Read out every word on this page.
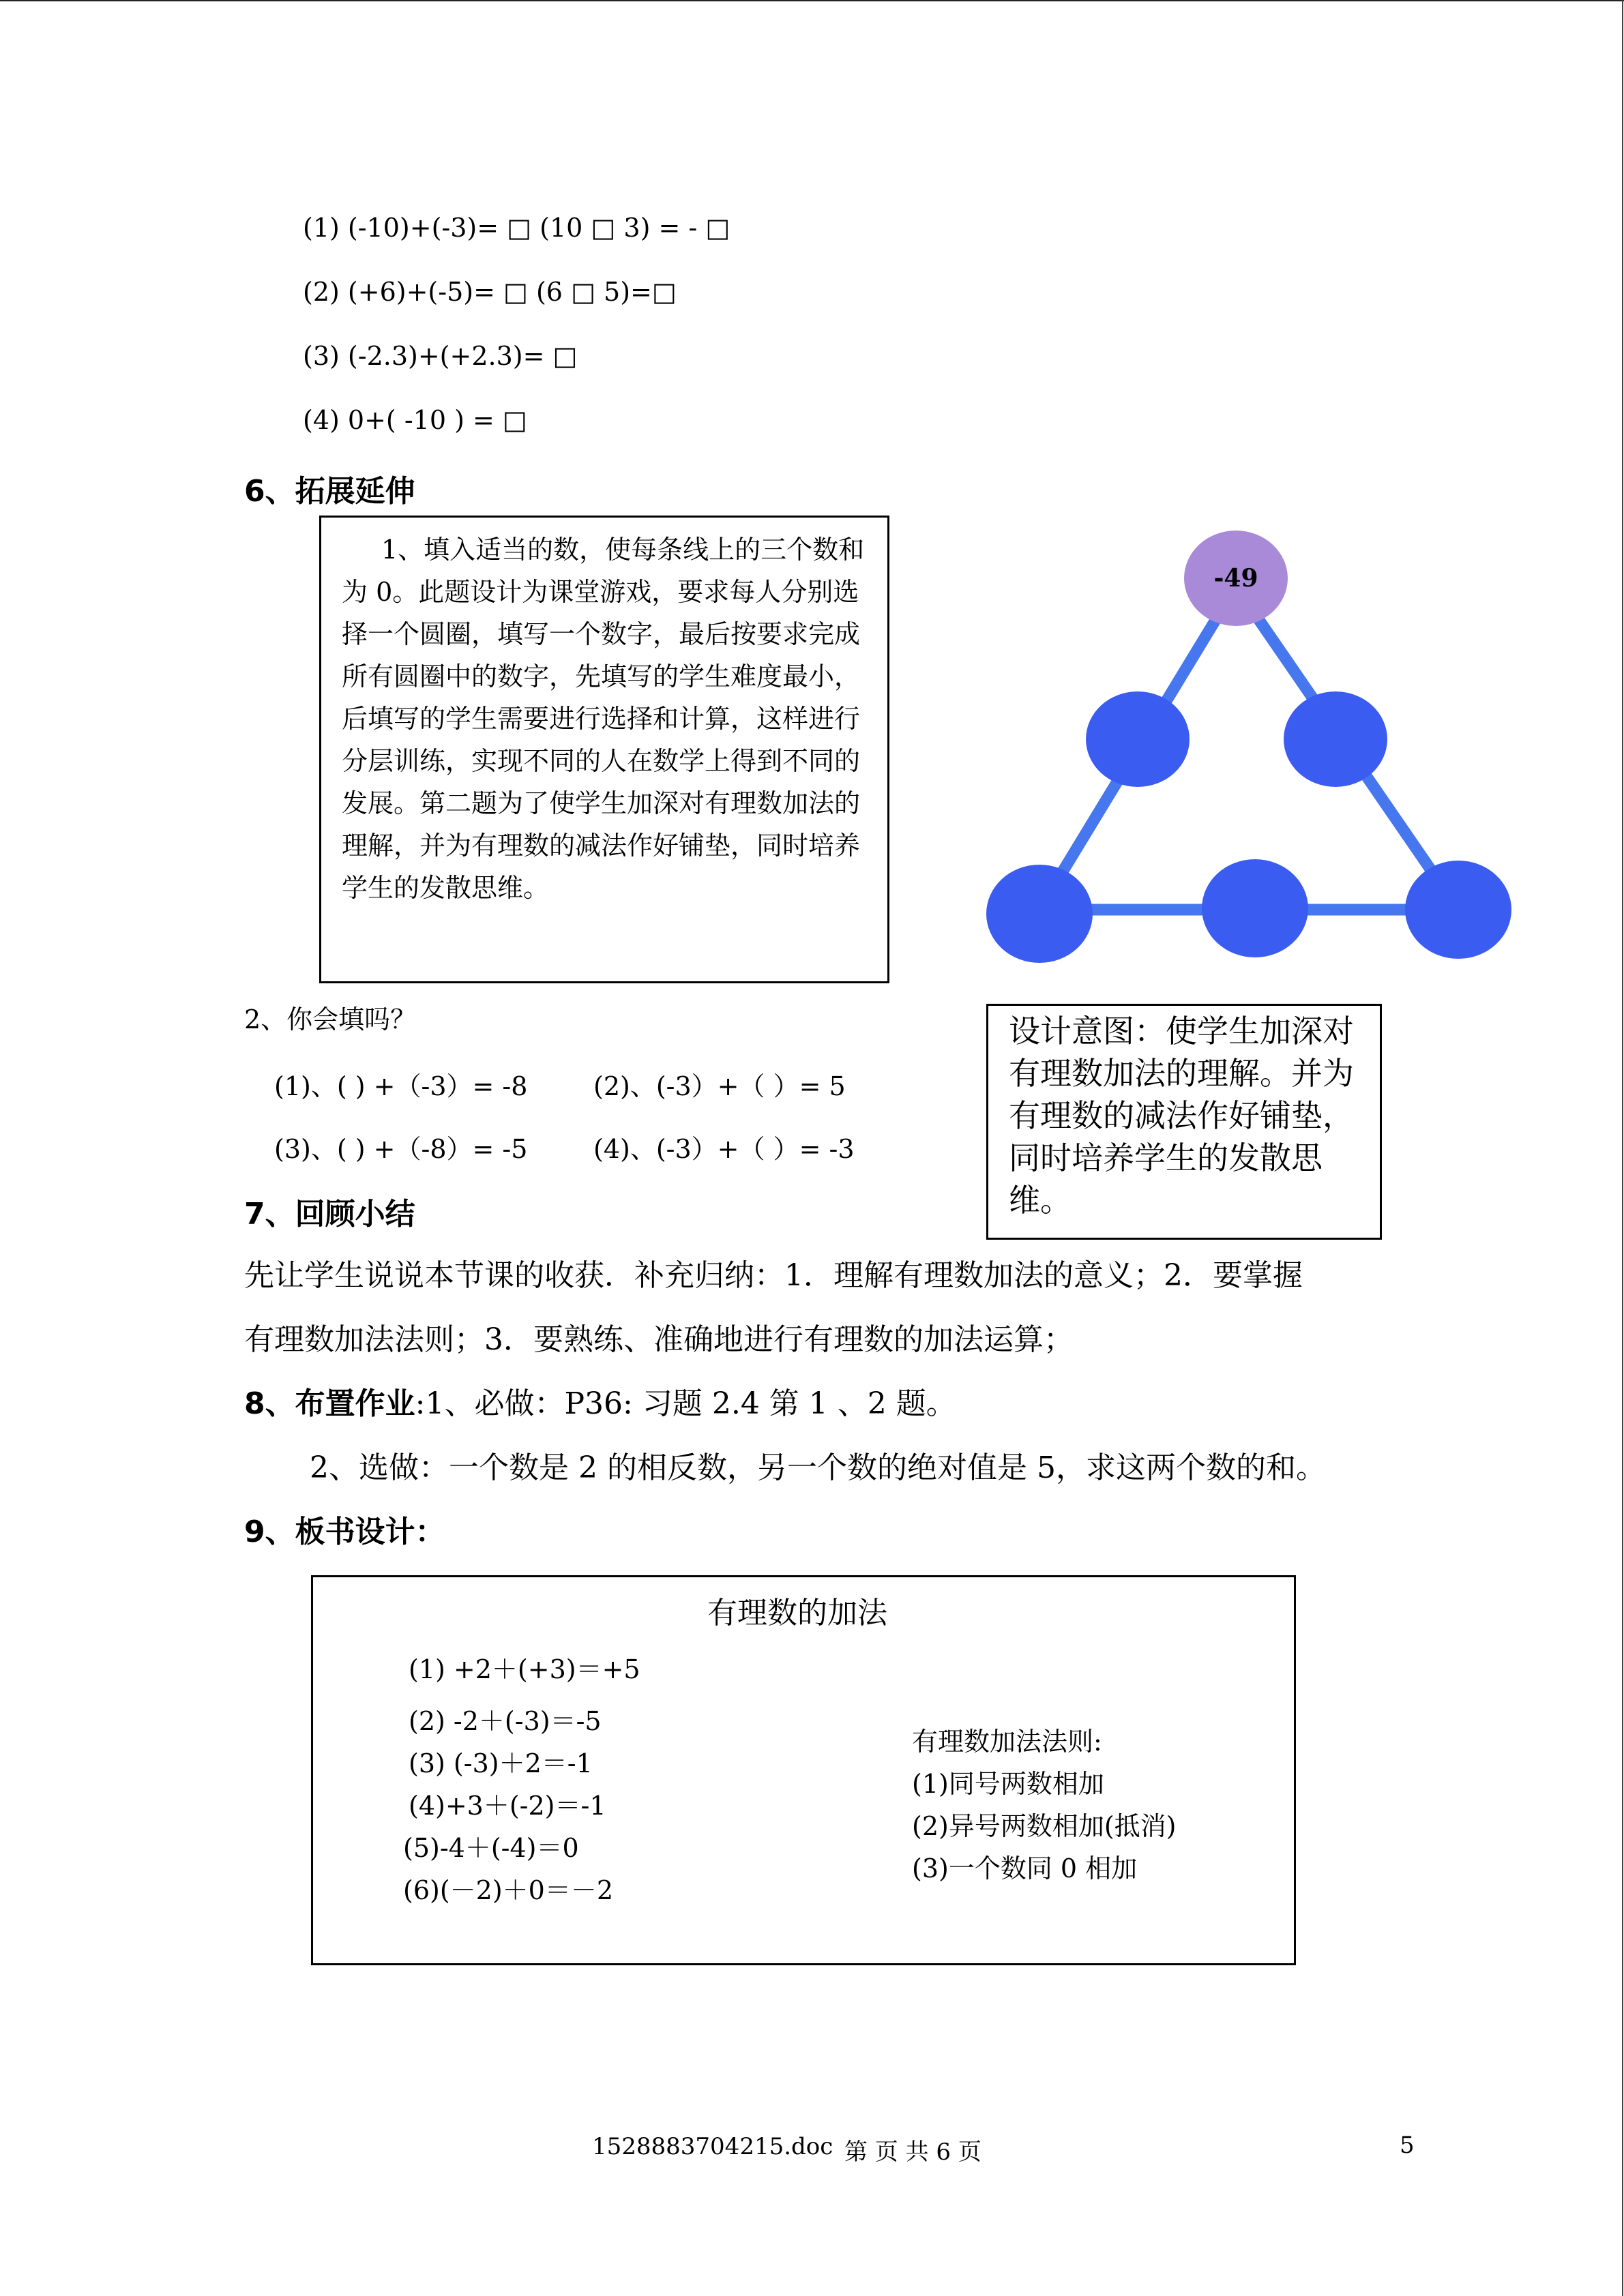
(1) (-10)+(-3)= □ (10 □ 3) = - □
(2) (+6)+(-5)= □ (6 □ 5)=□
(3) (-2.3)+(+2.3)= □
(4) 0+( -10 ) = □
6、拓展延伸
1、填入适当的数，使每条线上的三个数和为 0。此题设计为课堂游戏，要求每人分别选择一个圆圈，填写一个数字，最后按要求完成所有圆圈中的数字，先填写的学生难度最小，后填写的学生需要进行选择和计算，这样进行分层训练，实现不同的人在数学上得到不同的发展。第二题为了使学生加深对有理数加法的理解，并为有理数的减法作好铺垫，同时培养学生的发散思维。
-49
设计意图：使学生加深对有理数加法的理解。并为有理数的减法作好铺垫，同时培养学生的发散思维。
2、你会填吗？
(1)、( ) +（-3）= -8	(2)、(-3）+（ ）= 5
(3)、( ) +（-8）= -5	(4)、(-3）+（ ）= -3
7、回顾小结
先让学生说说本节课的收获．补充归纳：1．理解有理数加法的意义；2．要掌握
有理数加法法则；3．要熟练、准确地进行有理数的加法运算；
8、布置作业:1、必做：P36: 习题 2.4 第 1 、2 题。
2、选做：一个数是 2 的相反数，另一个数的绝对值是 5，求这两个数的和。
9、板书设计：
有理数的加法
(1) +2＋(+3)＝+5
(2) -2＋(-3)＝-5
(3) (-3)＋2＝-1
(4)+3＋(-2)＝-1
(5)-4＋(-4)＝0
(6)(－2)＋0＝－2
有理数加法法则:
(1)同号两数相加
(2)异号两数相加(抵消)
(3)一个数同 0 相加
1528883704215.doc 第 页 共 6 页	5
